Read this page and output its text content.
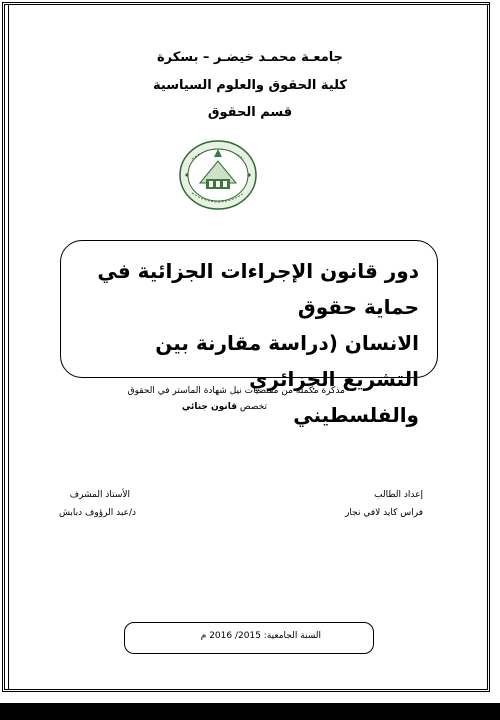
جامعـة محمـد خيضـر – بسكرة
كلية الحقوق والعلوم السياسية
قسم الحقوق
دور قانون الإجراءات الجزائية في حماية حقوق
الانسان (دراسة مقارنة بين التشريع الجزائري
والفلسطيني
مذكرة مكملة من مقتضيات نيل شهادة الماستر في الحقوق
تخصص قانون جنائي
إعداد الطالب
فراس كايد لافي نجار
الأستاذ المشرف
د/عبد الرؤوف دبابش
السنة الجامعية: 2015/ 2016 م
